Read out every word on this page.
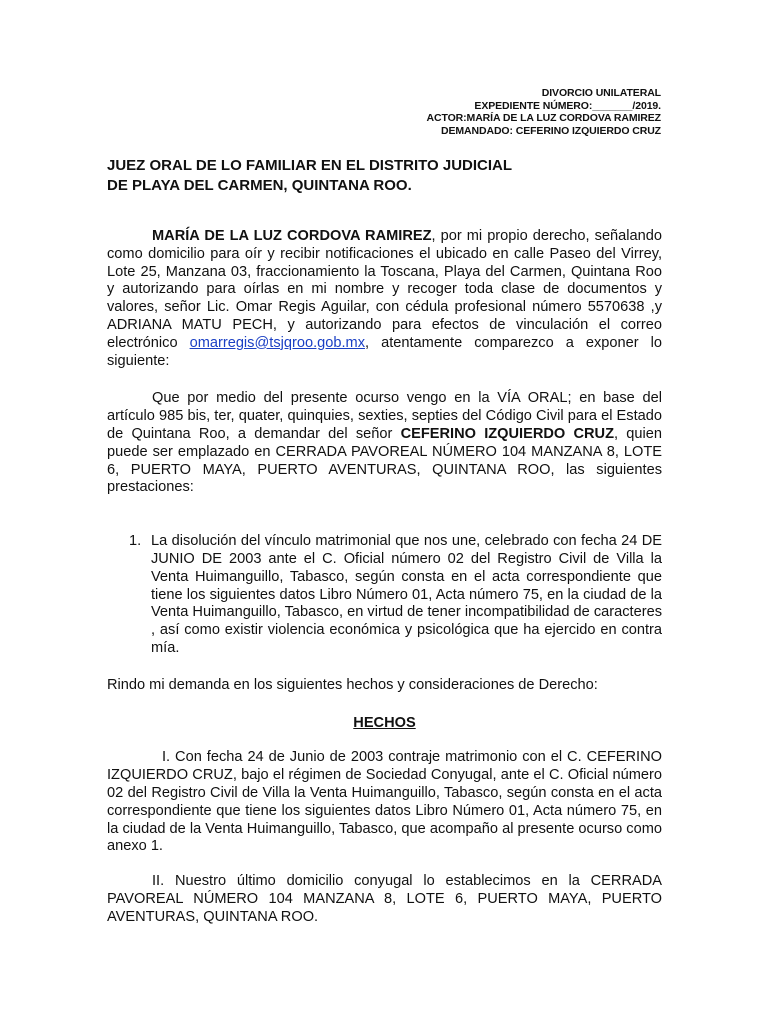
DIVORCIO UNILATERAL
EXPEDIENTE NÚMERO:_______/2019.
ACTOR:MARÍA DE LA LUZ CORDOVA RAMIREZ
DEMANDADO: CEFERINO IZQUIERDO CRUZ
JUEZ ORAL DE LO FAMILIAR EN EL DISTRITO JUDICIAL
DE PLAYA DEL CARMEN, QUINTANA ROO.

MARÍA DE LA LUZ CORDOVA RAMIREZ, por mi propio derecho, señalando como domicilio para oír y recibir notificaciones el ubicado en calle Paseo del Virrey, Lote 25, Manzana 03, fraccionamiento la Toscana, Playa del Carmen, Quintana Roo y autorizando para oírlas en mi nombre y recoger toda clase de documentos y valores, señor Lic. Omar Regis Aguilar, con cédula profesional número 5570638 ,y ADRIANA MATU PECH, y autorizando para efectos de vinculación el correo electrónico omarregis@tsjqroo.gob.mx, atentamente comparezco a exponer lo siguiente:

Que por medio del presente ocurso vengo en la VÍA ORAL; en base del artículo 985 bis, ter, quater, quinquies, sexties, septies del Código Civil para el Estado de Quintana Roo, a demandar del señor CEFERINO IZQUIERDO CRUZ, quien puede ser emplazado en CERRADA PAVOREAL NÚMERO 104 MANZANA 8, LOTE 6, PUERTO MAYA, PUERTO AVENTURAS, QUINTANA ROO, las siguientes prestaciones:

1. La disolución del vínculo matrimonial que nos une, celebrado con fecha 24 DE JUNIO DE 2003 ante el C. Oficial número 02 del Registro Civil de Villa la Venta Huimanguillo, Tabasco, según consta en el acta correspondiente que tiene los siguientes datos Libro Número 01, Acta número 75, en la ciudad de la Venta Huimanguillo, Tabasco, en virtud de tener incompatibilidad de caracteres , así como existir violencia económica y psicológica que ha ejercido en contra mía.

Rindo mi demanda en los siguientes hechos y consideraciones de Derecho:

HECHOS

I. Con fecha 24 de Junio de 2003 contraje matrimonio con el C. CEFERINO IZQUIERDO CRUZ, bajo el régimen de Sociedad Conyugal, ante el C. Oficial número 02 del Registro Civil de Villa la Venta Huimanguillo, Tabasco, según consta en el acta correspondiente que tiene los siguientes datos Libro Número 01, Acta número 75, en la ciudad de la Venta Huimanguillo, Tabasco, que acompaño al presente ocurso como anexo 1.

II. Nuestro último domicilio conyugal lo establecimos en la CERRADA PAVOREAL NÚMERO 104 MANZANA 8, LOTE 6, PUERTO MAYA, PUERTO AVENTURAS, QUINTANA ROO.
